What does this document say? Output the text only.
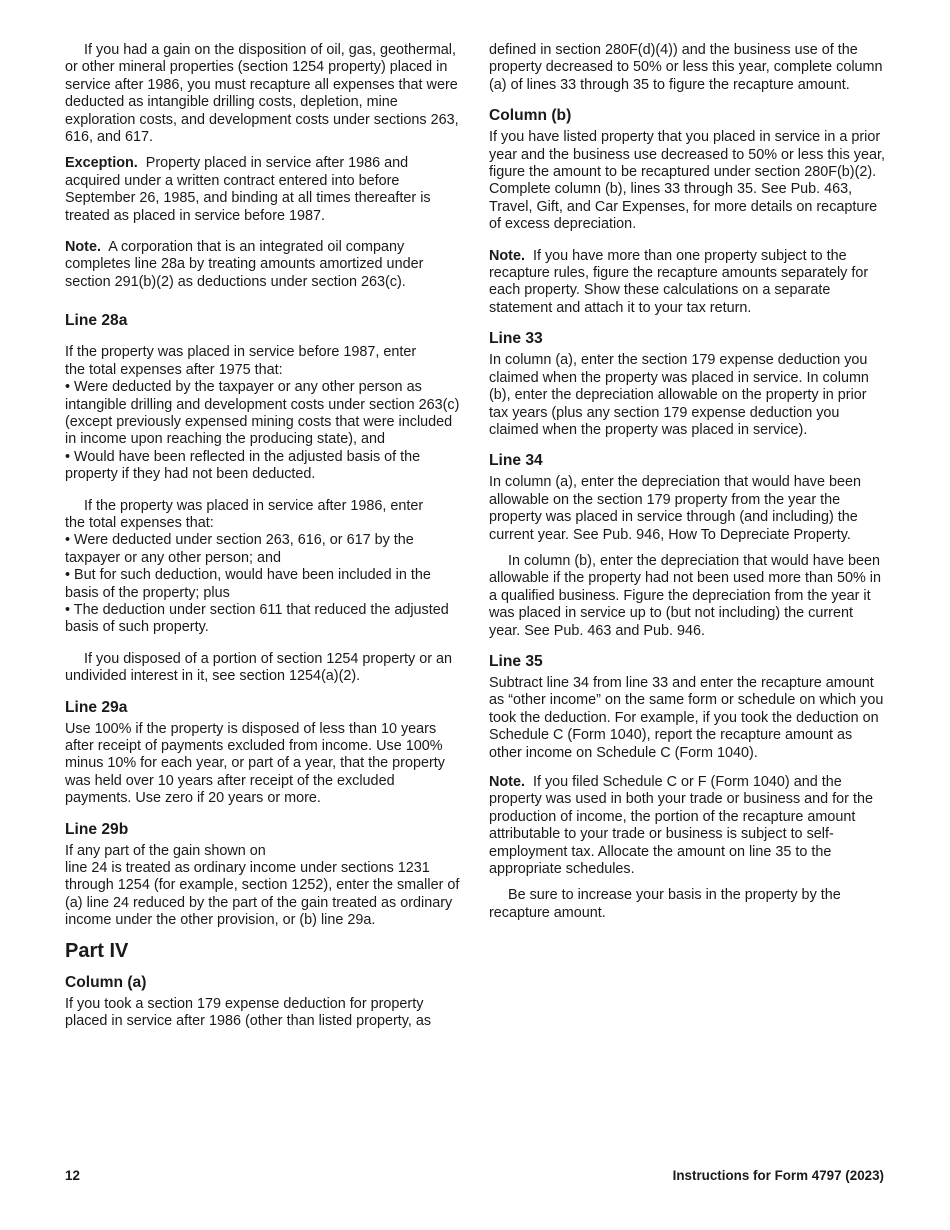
If you had a gain on the disposition of oil, gas, geothermal, or other mineral properties (section 1254 property) placed in service after 1986, you must recapture all expenses that were deducted as intangible drilling costs, depletion, mine exploration costs, and development costs under sections 263, 616, and 617.

Exception. Property placed in service after 1986 and acquired under a written contract entered into before September 26, 1985, and binding at all times thereafter is treated as placed in service before 1987.

Note. A corporation that is an integrated oil company completes line 28a by treating amounts amortized under section 291(b)(2) as deductions under section 263(c).

Line 28a

If the property was placed in service before 1987, enter
the total expenses after 1975 that:
• Were deducted by the taxpayer or any other person as intangible drilling and development costs under section 263(c) (except previously expensed mining costs that were included in income upon reaching the producing state), and
• Would have been reflected in the adjusted basis of the property if they had not been deducted.

If the property was placed in service after 1986, enter
the total expenses that:
• Were deducted under section 263, 616, or 617 by the taxpayer or any other person; and
• But for such deduction, would have been included in the basis of the property; plus
• The deduction under section 611 that reduced the adjusted basis of such property.

If you disposed of a portion of section 1254 property or an undivided interest in it, see section 1254(a)(2).

Line 29a

Use 100% if the property is disposed of less than 10 years after receipt of payments excluded from income. Use 100% minus 10% for each year, or part of a year, that the property was held over 10 years after receipt of the excluded payments. Use zero if 20 years or more.

Line 29b

If any part of the gain shown on
line 24 is treated as ordinary income under sections 1231 through 1254 (for example, section 1252), enter the smaller of (a) line 24 reduced by the part of the gain treated as ordinary income under the other provision, or (b) line 29a.

Part IV
Column (a)

If you took a section 179 expense deduction for property placed in service after 1986 (other than listed property, as

defined in section 280F(d)(4)) and the business use of the property decreased to 50% or less this year, complete column (a) of lines 33 through 35 to figure the recapture amount.

Column (b)

If you have listed property that you placed in service in a prior year and the business use decreased to 50% or less this year, figure the amount to be recaptured under section 280F(b)(2). Complete column (b), lines 33 through 35. See Pub. 463, Travel, Gift, and Car Expenses, for more details on recapture of excess depreciation.

Note. If you have more than one property subject to the recapture rules, figure the recapture amounts separately for each property. Show these calculations on a separate statement and attach it to your tax return.

Line 33

In column (a), enter the section 179 expense deduction you claimed when the property was placed in service. In column (b), enter the depreciation allowable on the property in prior tax years (plus any section 179 expense deduction you claimed when the property was placed in service).

Line 34

In column (a), enter the depreciation that would have been allowable on the section 179 property from the year the property was placed in service through (and including) the current year. See Pub. 946, How To Depreciate Property.

In column (b), enter the depreciation that would have been allowable if the property had not been used more than 50% in a qualified business. Figure the depreciation from the year it was placed in service up to (but not including) the current year. See Pub. 463 and Pub. 946.

Line 35

Subtract line 34 from line 33 and enter the recapture amount as “other income” on the same form or schedule on which you took the deduction. For example, if you took the deduction on Schedule C (Form 1040), report the recapture amount as other income on Schedule C (Form 1040).

Note. If you filed Schedule C or F (Form 1040) and the property was used in both your trade or business and for the production of income, the portion of the recapture amount attributable to your trade or business is subject to self-employment tax. Allocate the amount on line 35 to the appropriate schedules.

Be sure to increase your basis in the property by the recapture amount.

12	Instructions for Form 4797 (2023)
